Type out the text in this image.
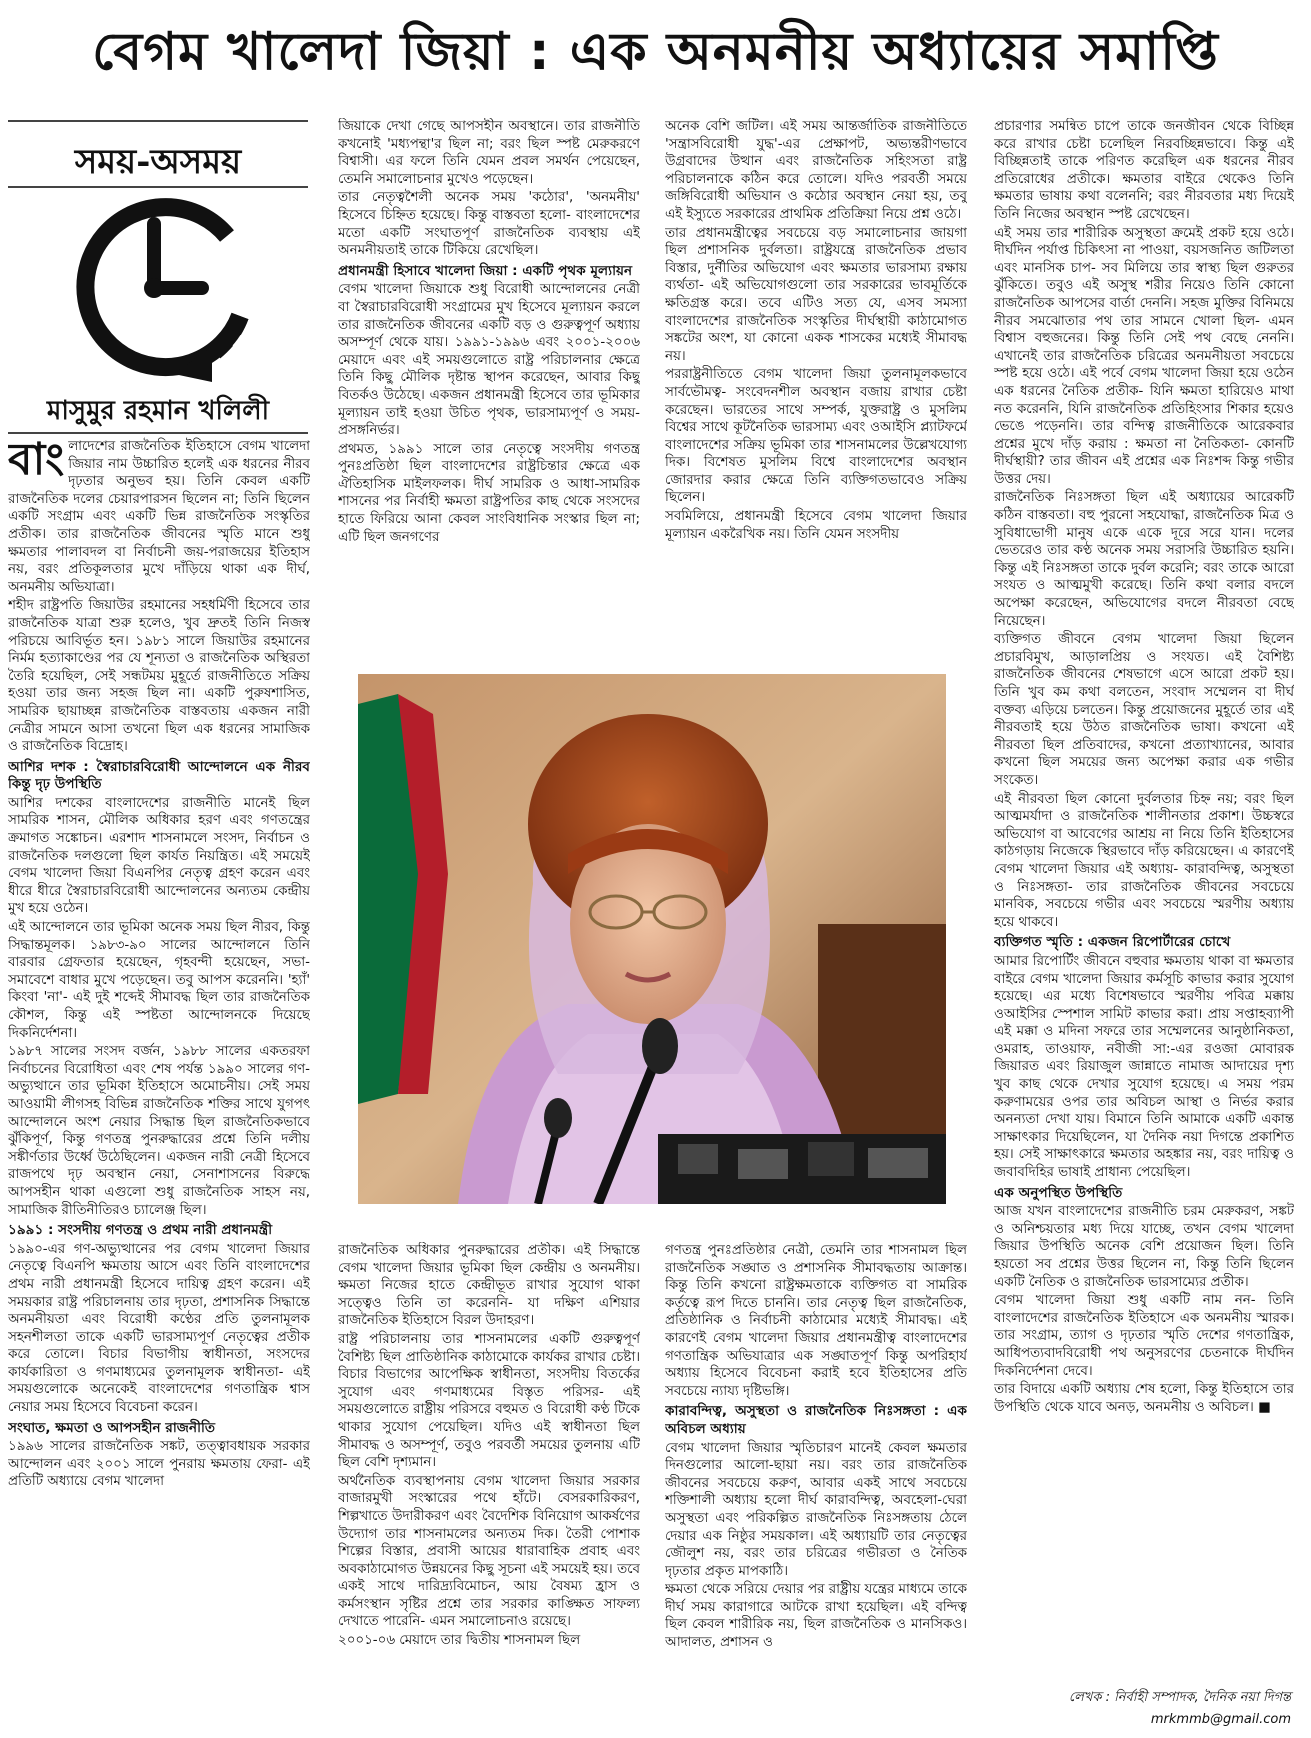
বেগম খালেদা জিয়া : এক অনমনীয় অধ্যায়ের সমাপ্তি
সময়-অসময়
মাসুমুর রহমান খলিলী

বাংলাদেশের রাজনৈতিক ইতিহাসে বেগম খালেদা জিয়ার নাম উচ্চারিত হলেই এক ধরনের নীরব দৃঢ়তার অনুভব হয়। তিনি কেবল একটি রাজনৈতিক দলের চেয়ারপারসন ছিলেন না; তিনি ছিলেন একটি সংগ্রাম এবং একটি ভিন্ন রাজনৈতিক সংস্কৃতির প্রতীক। তার রাজনৈতিক জীবনের স্মৃতি মানে শুধু ক্ষমতার পালাবদল বা নির্বাচনী জয়-পরাজয়ের ইতিহাস নয়, বরং প্রতিকূলতার মুখে দাঁড়িয়ে থাকা এক দীর্ঘ, অনমনীয় অভিযাত্রা।

শহীদ রাষ্ট্রপতি জিয়াউর রহমানের সহধর্মিণী হিসেবে তার রাজনৈতিক যাত্রা শুরু হলেও, খুব দ্রুতই তিনি নিজস্ব পরিচয়ে আবির্ভূত হন। ১৯৮১ সালে জিয়াউর রহমানের নির্মম হত্যাকাণ্ডের পর যে শূন্যতা ও রাজনৈতিক অস্থিরতা তৈরি হয়েছিল, সেই সন্ধটময় মুহূর্তে রাজনীতিতে সক্রিয় হওয়া তার জন্য সহজ ছিল না। একটি পুরুষশাসিত, সামরিক ছায়াচ্ছন্ন রাজনৈতিক বাস্তবতায় একজন নারী নেত্রীর সামনে আসা তখনো ছিল এক ধরনের সামাজিক ও রাজনৈতিক বিদ্রোহ।

আশির দশক : স্বৈরাচারবিরোধী আন্দোলনে এক নীরব কিন্তু দৃঢ় উপস্থিতি

আশির দশকের বাংলাদেশের রাজনীতি মানেই ছিল সামরিক শাসন, মৌলিক অধিকার হরণ এবং গণতন্ত্রের ক্রমাগত সঙ্কোচন। এরশাদ শাসনামলে সংসদ, নির্বাচন ও রাজনৈতিক দলগুলো ছিল কার্যত নিয়ন্ত্রিত। এই সময়েই বেগম খালেদা জিয়া বিএনপির নেতৃত্ব গ্রহণ করেন এবং ধীরে ধীরে স্বৈরাচারবিরোধী আন্দোলনের অন্যতম কেন্দ্রীয় মুখ হয়ে ওঠেন।

এই আন্দোলনে তার ভূমিকা অনেক সময় ছিল নীরব, কিন্তু সিদ্ধান্তমূলক। ১৯৮৩-৯০ সালের আন্দোলনে তিনি বারবার গ্রেফতার হয়েছেন, গৃহবন্দী হয়েছেন, সভা-সমাবেশে বাধার মুখে পড়েছেন। তবু আপস করেননি। 'হ্যাঁ' কিংবা 'না'- এই দুই শব্দেই সীমাবদ্ধ ছিল তার রাজনৈতিক কৌশল, কিন্তু এই স্পষ্টতা আন্দোলনকে দিয়েছে দিকনির্দেশনা।

১৯৮৭ সালের সংসদ বর্জন, ১৯৮৮ সালের একতরফা নির্বাচনের বিরোধিতা এবং শেষ পর্যন্ত ১৯৯০ সালের গণ-অভ্যুত্থানে তার ভূমিকা ইতিহাসে অমোচনীয়। সেই সময় আওয়ামী লীগসহ বিভিন্ন রাজনৈতিক শক্তির সাথে যুগপৎ আন্দোলনে অংশ নেয়ার সিদ্ধান্ত ছিল রাজনৈতিকভাবে ঝুঁকিপূর্ণ, কিন্তু গণতন্ত্র পুনরুদ্ধারের প্রশ্নে তিনি দলীয় সঙ্কীর্ণতার উর্ধ্বে উঠেছিলেন। একজন নারী নেত্রী হিসেবে রাজপথে দৃঢ় অবস্থান নেয়া, সেনাশাসনের বিরুদ্ধে আপসহীন থাকা এগুলো শুধু রাজনৈতিক সাহস নয়, সামাজিক রীতিনীতিরও চ্যালেঞ্জ ছিল।

১৯৯১ : সংসদীয় গণতন্ত্র ও প্রথম নারী প্রধানমন্ত্রী

১৯৯০-এর গণ-অভ্যুত্থানের পর বেগম খালেদা জিয়ার নেতৃত্বে বিএনপি ক্ষমতায় আসে এবং তিনি বাংলাদেশের প্রথম নারী প্রধানমন্ত্রী হিসেবে দায়িত্ব গ্রহণ করেন। এই সময়কার রাষ্ট্র পরিচালনায় তার দৃঢ়তা, প্রশাসনিক সিদ্ধান্তে অনমনীয়তা এবং বিরোধী কণ্ঠের প্রতি তুলনামূলক সহনশীলতা তাকে একটি ভারসাম্যপূর্ণ নেতৃত্বের প্রতীক করে তোলে। বিচার বিভাগীয় স্বাধীনতা, সংসদের কার্যকারিতা ও গণমাধ্যমের তুলনামূলক স্বাধীনতা- এই সময়গুলোকে অনেকেই বাংলাদেশের গণতান্ত্রিক শ্বাস নেয়ার সময় হিসেবে বিবেচনা করেন।

সংঘাত, ক্ষমতা ও আপসহীন রাজনীতি

১৯৯৬ সালের রাজনৈতিক সঙ্কট, তত্ত্বাবধায়ক সরকার আন্দোলন এবং ২০০১ সালে পুনরায় ক্ষমতায় ফেরা- এই প্রতিটি অধ্যায়ে বেগম খালেদা

জিয়াকে দেখা গেছে আপসহীন অবস্থানে। তার রাজনীতি কখনোই 'মধ্যপন্থা'র ছিল না; বরং ছিল স্পষ্ট মেরুকরণে বিশ্বাসী। এর ফলে তিনি যেমন প্রবল সমর্থন পেয়েছেন, তেমনি সমালোচনার মুখেও পড়েছেন।

তার নেতৃত্বশৈলী অনেক সময় 'কঠোর', 'অনমনীয়' হিসেবে চিহ্নিত হয়েছে। কিন্তু বাস্তবতা হলো- বাংলাদেশের মতো একটি সংঘাতপূর্ণ রাজনৈতিক ব্যবস্থায় এই অনমনীয়তাই তাকে টিকিয়ে রেখেছিল।

প্রধানমন্ত্রী হিসাবে খালেদা জিয়া : একটি পৃথক মূল্যায়ন

বেগম খালেদা জিয়াকে শুধু বিরোধী আন্দোলনের নেত্রী বা স্বৈরাচারবিরোধী সংগ্রামের মুখ হিসেবে মূল্যায়ন করলে তার রাজনৈতিক জীবনের একটি বড় ও গুরুত্বপূর্ণ অধ্যায় অসম্পূর্ণ থেকে যায়। ১৯৯১-১৯৯৬ এবং ২০০১-২০০৬ মেয়াদে এবং এই সময়গুলোতে রাষ্ট্র পরিচালনার ক্ষেত্রে তিনি কিছু মৌলিক দৃষ্টান্ত স্থাপন করেছেন, আবার কিছু বিতর্কও উঠেছে। একজন প্রধানমন্ত্রী হিসেবে তার ভূমিকার মূল্যায়ন তাই হওয়া উচিত পৃথক, ভারসাম্যপূর্ণ ও সময়-প্রসঙ্গনির্ভর।

প্রথমত, ১৯৯১ সালে তার নেতৃত্বে সংসদীয় গণতন্ত্র পুনঃপ্রতিষ্ঠা ছিল বাংলাদেশের রাষ্ট্রচিন্তার ক্ষেত্রে এক ঐতিহাসিক মাইলফলক। দীর্ঘ সামরিক ও আধা-সামরিক শাসনের পর নির্বাহী ক্ষমতা রাষ্ট্রপতির কাছ থেকে সংসদের হাতে ফিরিয়ে আনা কেবল সাংবিধানিক সংস্কার ছিল না; এটি ছিল জনগণের

অনেক বেশি জটিল। এই সময় আন্তর্জাতিক রাজনীতিতে 'সন্ত্রাসবিরোধী যুদ্ধ'-এর প্রেক্ষাপট, অভ্যন্তরীণভাবে উগ্রবাদের উত্থান এবং রাজনৈতিক সহিংসতা রাষ্ট্র পরিচালনাকে কঠিন করে তোলে। যদিও পরবর্তী সময়ে জঙ্গিবিরোধী অভিযান ও কঠোর অবস্থান নেয়া হয়, তবু এই ইস্যুতে সরকারের প্রাথমিক প্রতিক্রিয়া নিয়ে প্রশ্ন ওঠে।

তার প্রধানমন্ত্রীত্বের সবচেয়ে বড় সমালোচনার জায়গা ছিল প্রশাসনিক দুর্বলতা। রাষ্ট্রযন্ত্রে রাজনৈতিক প্রভাব বিস্তার, দুর্নীতির অভিযোগ এবং ক্ষমতার ভারসাম্য রক্ষায় ব্যর্থতা- এই অভিযোগগুলো তার সরকারের ভাবমূর্তিকে ক্ষতিগ্রস্ত করে। তবে এটিও সত্য যে, এসব সমস্যা বাংলাদেশের রাজনৈতিক সংস্কৃতির দীর্ঘস্থায়ী কাঠামোগত সঙ্কটের অংশ, যা কোনো একক শাসকের মধ্যেই সীমাবদ্ধ নয়।

পররাষ্ট্রনীতিতে বেগম খালেদা জিয়া তুলনামূলকভাবে সার্বভৌমত্ব- সংবেদনশীল অবস্থান বজায় রাখার চেষ্টা করেছেন। ভারতের সাথে সম্পর্ক, যুক্তরাষ্ট্র ও মুসলিম বিশ্বের সাথে কূটনৈতিক ভারসাম্য এবং ওআইসি প্ল্যাটফর্মে বাংলাদেশের সক্রিয় ভূমিকা তার শাসনামলের উল্লেখযোগ্য দিক। বিশেষত মুসলিম বিশ্বে বাংলাদেশের অবস্থান জোরদার করার ক্ষেত্রে তিনি ব্যক্তিগতভাবেও সক্রিয় ছিলেন।

সবমিলিয়ে, প্রধানমন্ত্রী হিসেবে বেগম খালেদা জিয়ার মূল্যায়ন একরৈখিক নয়। তিনি যেমন সংসদীয়

রাজনৈতিক অধিকার পুনরুদ্ধারের প্রতীক। এই সিদ্ধান্তে বেগম খালেদা জিয়ার ভূমিকা ছিল কেন্দ্রীয় ও অনমনীয়। ক্ষমতা নিজের হাতে কেন্দ্রীভূত রাখার সুযোগ থাকা সত্ত্বেও তিনি তা করেননি- যা দক্ষিণ এশিয়ার রাজনৈতিক ইতিহাসে বিরল উদাহরণ।

রাষ্ট্র পরিচালনায় তার শাসনামলের একটি গুরুত্বপূর্ণ বৈশিষ্ট্য ছিল প্রাতিষ্ঠানিক কাঠামোকে কার্যকর রাখার চেষ্টা। বিচার বিভাগের আপেক্ষিক স্বাধীনতা, সংসদীয় বিতর্কের সুযোগ এবং গণমাধ্যমের বিস্তৃত পরিসর- এই সময়গুলোতে রাষ্ট্রীয় পরিসরে বহুমত ও বিরোধী কণ্ঠ টিকে থাকার সুযোগ পেয়েছিল। যদিও এই স্বাধীনতা ছিল সীমাবদ্ধ ও অসম্পূর্ণ, তবুও পরবর্তী সময়ের তুলনায় এটি ছিল বেশি দৃশ্যমান।

অর্থনৈতিক ব্যবস্থাপনায় বেগম খালেদা জিয়ার সরকার বাজারমুখী সংস্কারের পথে হাঁটে। বেসরকারিকরণ, শিল্পখাতে উদারীকরণ এবং বৈদেশিক বিনিয়োগ আকর্ষণের উদ্যোগ তার শাসনামলের অন্যতম দিক। তৈরী পোশাক শিল্পের বিস্তার, প্রবাসী আয়ের ধারাবাহিক প্রবাহ এবং অবকাঠামোগত উন্নয়নের কিছু সূচনা এই সময়েই হয়। তবে একই সাথে দারিদ্র্যবিমোচন, আয় বৈষম্য হ্রাস ও কর্মসংস্থান সৃষ্টির প্রশ্নে তার সরকার কাঙ্ক্ষিত সাফল্য দেখাতে পারেনি- এমন সমালোচনাও রয়েছে।

২০০১-০৬ মেয়াদে তার দ্বিতীয় শাসনামল ছিল

গণতন্ত্র পুনঃপ্রতিষ্ঠার নেত্রী, তেমনি তার শাসনামল ছিল রাজনৈতিক সঙ্ঘাত ও প্রশাসনিক সীমাবদ্ধতায় আক্রান্ত। কিন্তু তিনি কখনো রাষ্ট্রক্ষমতাকে ব্যক্তিগত বা সামরিক কর্তৃত্বে রূপ দিতে চাননি। তার নেতৃত্ব ছিল রাজনৈতিক, প্রতিষ্ঠানিক ও নির্বাচনী কাঠামোর মধ্যেই সীমাবদ্ধ। এই কারণেই বেগম খালেদা জিয়ার প্রধানমন্ত্রীত্ব বাংলাদেশের গণতান্ত্রিক অভিযাত্রার এক সঙ্ঘাতপূর্ণ কিন্তু অপরিহার্য অধ্যায় হিসেবে বিবেচনা করাই হবে ইতিহাসের প্রতি সবচেয়ে ন্যায্য দৃষ্টিভঙ্গি।

কারাবন্দিত্ব, অসুস্থতা ও রাজনৈতিক নিঃসঙ্গতা : এক অবিচল অধ্যায়

বেগম খালেদা জিয়ার স্মৃতিচারণ মানেই কেবল ক্ষমতার দিনগুলোর আলো-ছায়া নয়। বরং তার রাজনৈতিক জীবনের সবচেয়ে করুণ, আবার একই সাথে সবচেয়ে শক্তিশালী অধ্যায় হলো দীর্ঘ কারাবন্দিত্ব, অবহেলা-ঘেরা অসুস্থতা এবং পরিকল্পিত রাজনৈতিক নিঃসঙ্গতায় ঠেলে দেয়ার এক নিষ্ঠুর সময়কাল। এই অধ্যায়টি তার নেতৃত্বের জৌলুশ নয়, বরং তার চরিত্রের গভীরতা ও নৈতিক দৃঢ়তার প্রকৃত মাপকাঠি।

ক্ষমতা থেকে সরিয়ে দেয়ার পর রাষ্ট্রীয় যন্ত্রের মাধ্যমে তাকে দীর্ঘ সময় কারাগারে আটকে রাখা হয়েছিল। এই বন্দিত্ব ছিল কেবল শারীরিক নয়, ছিল রাজনৈতিক ও মানসিকও। আদালত, প্রশাসন ও

প্রচারণার সমন্বিত চাপে তাকে জনজীবন থেকে বিচ্ছিন্ন করে রাখার চেষ্টা চলেছিল নিরবচ্ছিন্নভাবে। কিন্তু এই বিচ্ছিন্নতাই তাকে পরিণত করেছিল এক ধরনের নীরব প্রতিরোধের প্রতীকে। ক্ষমতার বাইরে থেকেও তিনি ক্ষমতার ভাষায় কথা বলেননি; বরং নীরবতার মধ্য দিয়েই তিনি নিজের অবস্থান স্পষ্ট রেখেছেন।

এই সময় তার শারীরিক অসুস্থতা ক্রমেই প্রকট হয়ে ওঠে। দীর্ঘদিন পর্যাপ্ত চিকিৎসা না পাওয়া, বয়সজনিত জটিলতা এবং মানসিক চাপ- সব মিলিয়ে তার স্বাস্থ্য ছিল গুরুতর ঝুঁকিতে। তবুও এই অসুস্থ শরীর নিয়েও তিনি কোনো রাজনৈতিক আপসের বার্তা দেননি। সহজ মুক্তির বিনিময়ে নীরব সমঝোতার পথ তার সামনে খোলা ছিল- এমন বিশ্বাস বহুজনের। কিন্তু তিনি সেই পথ বেছে নেননি। এখানেই তার রাজনৈতিক চরিত্রের অনমনীয়তা সবচেয়ে স্পষ্ট হয়ে ওঠে। এই পর্বে বেগম খালেদা জিয়া হয়ে ওঠেন এক ধরনের নৈতিক প্রতীক- যিনি ক্ষমতা হারিয়েও মাথা নত করেননি, যিনি রাজনৈতিক প্রতিহিংসার শিকার হয়েও ভেঙে পড়েননি। তার বন্দিত্ব রাজনীতিকে আরেকবার প্রশ্নের মুখে দাঁড় করায় : ক্ষমতা না নৈতিকতা- কোনটি দীর্ঘস্থায়ী? তার জীবন এই প্রশ্নের এক নিঃশব্দ কিন্তু গভীর উত্তর দেয়।

রাজনৈতিক নিঃসঙ্গতা ছিল এই অধ্যায়ের আরেকটি কঠিন বাস্তবতা। বহু পুরনো সহযোদ্ধা, রাজনৈতিক মিত্র ও সুবিধাভোগী মানুষ একে একে দূরে সরে যান। দলের ভেতরেও তার কণ্ঠ অনেক সময় সরাসরি উচ্চারিত হয়নি। কিন্তু এই নিঃসঙ্গতা তাকে দুর্বল করেনি; বরং তাকে আরো সংযত ও আত্মমুখী করেছে। তিনি কথা বলার বদলে অপেক্ষা করেছেন, অভিযোগের বদলে নীরবতা বেছে নিয়েছেন।

ব্যক্তিগত জীবনে বেগম খালেদা জিয়া ছিলেন প্রচারবিমুখ, আড়ালপ্রিয় ও সংযত। এই বৈশিষ্ট্য রাজনৈতিক জীবনের শেষভাগে এসে আরো প্রকট হয়। তিনি খুব কম কথা বলতেন, সংবাদ সম্মেলন বা দীর্ঘ বক্তব্য এড়িয়ে চলতেন। কিন্তু প্রয়োজনের মুহূর্তে তার এই নীরবতাই হয়ে উঠত রাজনৈতিক ভাষা। কখনো এই নীরবতা ছিল প্রতিবাদের, কখনো প্রত্যাখ্যানের, আবার কখনো ছিল সময়ের জন্য অপেক্ষা করার এক গভীর সংকেত।

এই নীরবতা ছিল কোনো দুর্বলতার চিহ্ন নয়; বরং ছিল আত্মমর্যাদা ও রাজনৈতিক শালীনতার প্রকাশ। উচ্চস্বরে অভিযোগ বা আবেগের আশ্রয় না নিয়ে তিনি ইতিহাসের কাঠগড়ায় নিজেকে স্থিরভাবে দাঁড় করিয়েছেন। এ কারণেই বেগম খালেদা জিয়ার এই অধ্যায়- কারাবন্দিত্ব, অসুস্থতা ও নিঃসঙ্গতা- তার রাজনৈতিক জীবনের সবচেয়ে মানবিক, সবচেয়ে গভীর এবং সবচেয়ে স্মরণীয় অধ্যায় হয়ে থাকবে।

ব্যক্তিগত স্মৃতি : একজন রিপোর্টারের চোখে

আমার রিপোর্টিং জীবনে বহুবার ক্ষমতায় থাকা বা ক্ষমতার বাইরে বেগম খালেদা জিয়ার কর্মসূচি কাভার করার সুযোগ হয়েছে। এর মধ্যে বিশেষভাবে স্মরণীয় পবিত্র মক্কায় ওআইসির স্পেশাল সামিট কাভার করা। প্রায় সপ্তাহব্যাপী এই মক্কা ও মদিনা সফরে তার সম্মেলনের আনুষ্ঠানিকতা, ওমরাহ, তাওয়াফ, নবীজী সা:-এর রওজা মোবারক জিয়ারত এবং রিয়াজুল জান্নাতে নামাজ আদায়ের দৃশ্য খুব কাছ থেকে দেখার সুযোগ হয়েছে। এ সময় পরম করুণাময়ের ওপর তার অবিচল আস্থা ও নির্ভর করার অনন্যতা দেখা যায়। বিমানে তিনি আমাকে একটি একান্ত সাক্ষাৎকার দিয়েছিলেন, যা দৈনিক নয়া দিগন্তে প্রকাশিত হয়। সেই সাক্ষাৎকারে ক্ষমতার অহঙ্কার নয়, বরং দায়িত্ব ও জবাবদিহির ভাষাই প্রাধান্য পেয়েছিল।

এক অনুপস্থিত উপস্থিতি

আজ যখন বাংলাদেশের রাজনীতি চরম মেরুকরণ, সঙ্কট ও অনিশ্চয়তার মধ্য দিয়ে যাচ্ছে, তখন বেগম খালেদা জিয়ার উপস্থিতি অনেক বেশি প্রয়োজন ছিল। তিনি হয়তো সব প্রশ্নের উত্তর ছিলেন না, কিন্তু তিনি ছিলেন একটি নৈতিক ও রাজনৈতিক ভারসাম্যের প্রতীক।

বেগম খালেদা জিয়া শুধু একটি নাম নন- তিনি বাংলাদেশের রাজনৈতিক ইতিহাসে এক অনমনীয় স্মারক। তার সংগ্রাম, ত্যাগ ও দৃঢ়তার স্মৃতি দেশের গণতান্ত্রিক, আধিপত্যবাদবিরোধী পথ অনুসরণের চেতনাকে দীর্ঘদিন দিকনির্দেশনা দেবে।

তার বিদায়ে একটি অধ্যায় শেষ হলো, কিন্তু ইতিহাসে তার উপস্থিতি থেকে যাবে অনড়, অনমনীয় ও অবিচল। ■

লেখক : নির্বাহী সম্পাদক, দৈনিক নয়া দিগন্ত
mrkmmb@gmail.com
